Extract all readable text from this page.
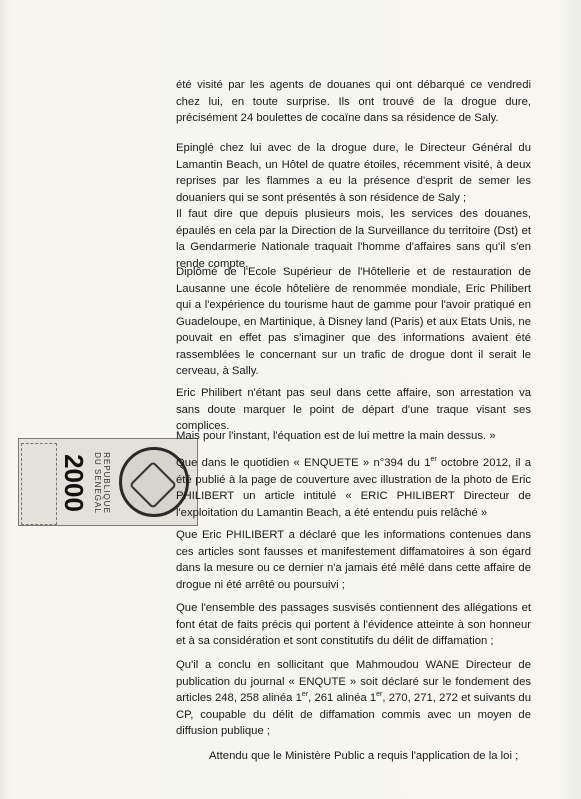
REPUBLIQUE DU SENEGAL
2000

été visité par les agents de douanes qui ont débarqué ce vendredi chez lui, en toute surprise. Ils ont trouvé de la drogue dure, précisément 24 boulettes de cocaïne dans sa résidence de Saly.

Epinglé chez lui avec de la drogue dure, le Directeur Général du Lamantin Beach, un Hôtel de quatre étoiles, récemment visité, à deux reprises par les flammes a eu la présence d'esprit de semer les douaniers qui se sont présentés à son résidence de Saly ;

Il faut dire que depuis plusieurs mois, les services des douanes, épaulés en cela par la Direction de la Surveillance du territoire (Dst) et la Gendarmerie Nationale traquait l'homme d'affaires sans qu'il s'en rende compte.

Diplômé de l'Ecole Supérieur de l'Hôtellerie et de restauration de Lausanne une école hôtelière de renommée mondiale, Eric Philibert qui a l'expérience du tourisme haut de gamme pour l'avoir pratiqué en Guadeloupe, en Martinique, à Disney land (Paris) et aux Etats Unis, ne pouvait en effet pas s'imaginer que des informations avaient été rassemblées le concernant sur un trafic de drogue dont il serait le cerveau, à Sally.

Eric Philibert n'étant pas seul dans cette affaire, son arrestation va sans doute marquer le point de départ d'une traque visant ses complices.

Mais pour l'instant, l'équation est de lui mettre la main dessus. »

Que dans le quotidien « ENQUETE » n°394 du 1er octobre 2012, il a été publié à la page de couverture avec illustration de la photo de Eric PHILIBERT un article intitulé « ERIC PHILIBERT Directeur de l'exploitation du Lamantin Beach, a été entendu puis relâché »

Que Eric PHILIBERT a déclaré que les informations contenues dans ces articles sont fausses et manifestement diffamatoires à son égard dans la mesure ou ce dernier n'a jamais été mêlé dans cette affaire de drogue ni été arrêté ou poursuivi ;

Que l'ensemble des passages susvisés contiennent des allégations et font état de faits précis qui portent à l'évidence atteinte à son honneur et à sa considération et sont constitutifs du délit de diffamation ;

Qu'il a conclu en sollicitant que Mahmoudou WANE Directeur de publication du journal « ENQUTE » soit déclaré sur le fondement des articles 248, 258 alinéa 1er, 261 alinéa 1er, 270, 271, 272 et suivants du CP, coupable du délit de diffamation commis avec un moyen de diffusion publique ;

Attendu que le Ministère Public a requis l'application de la loi ;
